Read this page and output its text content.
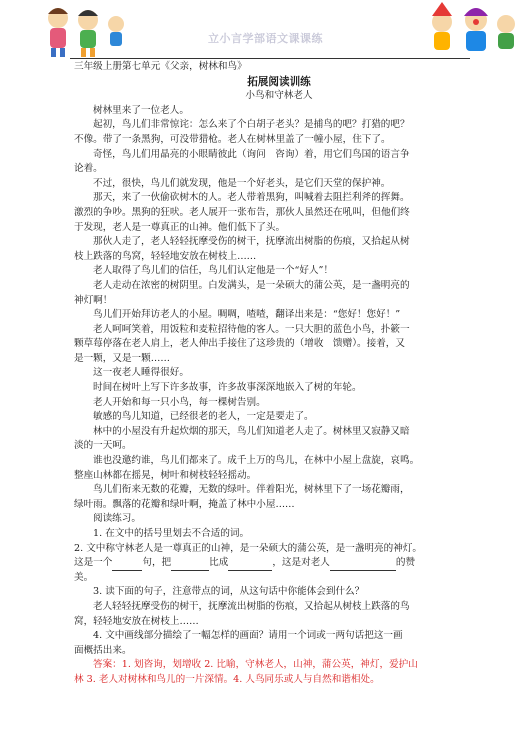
立小言学部语文课课练
三年级上册第七单元《父亲，树林和鸟》
拓展阅读训练
小鸟和守林老人
树林里来了一位老人。
起初，鸟儿们非常惊诧：怎么来了个白胡子老头？是捕鸟的吧？打猎的吧？
不像。带了一条黑狗，可没带猎枪。老人在树林里盖了一幢小屋，住下了。
奇怪，鸟儿们用晶亮的小眼睛彼此（询问　咨询）着，用它们鸟国的语言争
论着。
不过，很快，鸟儿们就发现，他是一个好老头，是它们天堂的保护神。
那天，来了一伙偷砍树木的人。老人带着黑狗，叫喊着去阻拦利斧的挥舞。
激烈的争吵。黑狗的狂吠。老人展开一张布告，那伙人虽然还在吼叫，但他们终
于发现，老人是一尊真正的山神。他们低下了头。
那伙人走了，老人轻轻抚摩受伤的树干，抚摩流出树脂的伤痕，又拾起从树
枝上跌落的鸟窝，轻轻地安放在树枝上……
老人取得了鸟儿们的信任，鸟儿们认定他是一个“好人”！
老人走动在浓密的树阴里。白发满头，是一朵硕大的蒲公英，是一盏明亮的
神灯啊！
鸟儿们开始拜访老人的小屋。啁啁，喳喳，翻译出来是：“您好！您好！”
老人呵呵笑着，用饭粒和麦粒招待他的客人。一只大胆的蓝色小鸟，扑簌一
颗草莓停落在老人肩上，老人伸出手接住了这珍贵的（增收　馈赠）。接着，又
是一颗，又是一颗……
这一夜老人睡得很好。
时间在树叶上写下许多故事，许多故事深深地嵌入了树的年轮。
老人开始和每一只小鸟，每一棵树告别。
敏感的鸟儿知道，已经很老的老人，一定是要走了。
林中的小屋没有升起炊烟的那天，鸟儿们知道老人走了。树林里又寂静又暗
淡的一天呵。
谁也没邀约谁，鸟儿们都来了。成千上万的鸟儿，在林中小屋上盘旋，哀鸣。
整座山林都在摇晃，树叶和树枝轻轻摇动。
鸟儿们衔来无数的花瓣，无数的绿叶。伴着阳光，树林里下了一场花瓣雨，
绿叶雨。飘落的花瓣和绿叶啊，掩盖了林中小屋……
阅读练习。
1. 在文中的括号里划去不合适的词。
2. 文中称守林老人是一尊真正的山神，是一朵硕大的蒲公英，是一盏明亮的神灯。
这是一个	句，把	比成	，这是对老人	的赞
美。
3. 读下面的句子，注意带点的词，从这句话中你能体会到什么？
老人轻轻抚摩受伤的树干，抚摩流出树脂的伤痕，又拾起从树枝上跌落的鸟
窝，轻轻地安放在树枝上……
4. 文中画线部分描绘了一幅怎样的画面？请用一个词或一两句话把这一画
面概括出来。
答案：1. 划咨询，划增收 2. 比喻，守林老人，山神，蒲公英，神灯，爱护山
林 3. 老人对树林和鸟儿的一片深情。4. 人鸟同乐或人与自然和谐相处。
